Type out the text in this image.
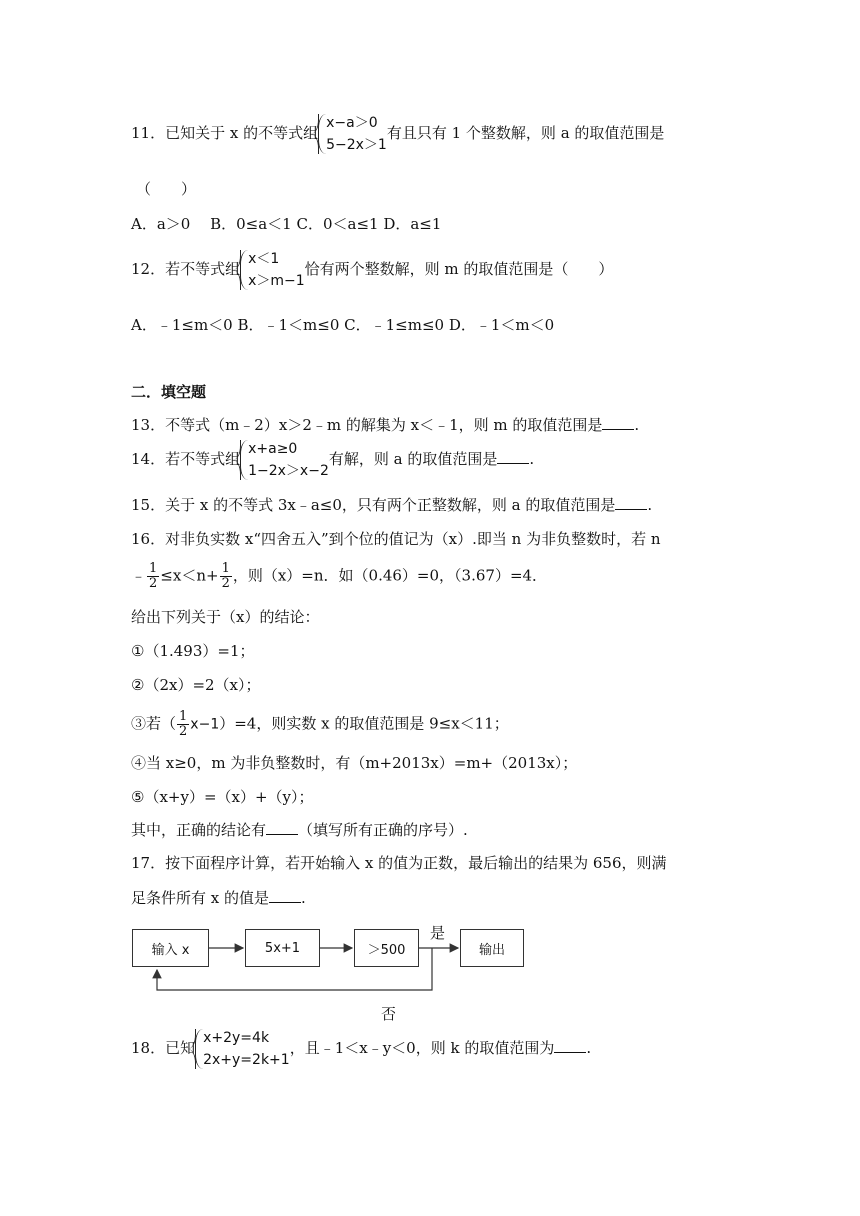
11．已知关于 x 的不等式组
x−a＞0
5−2x＞1
有且只有 1 个整数解，则 a 的取值范围是
（　　）
A．a＞0　 B．0≤a＜1 C．0＜a≤1 D．a≤1
12．若不等式组
x＜1
x＞m−1
恰有两个整数解，则 m 的取值范围是（　　）
A．﹣1≤m＜0 B．﹣1＜m≤0 C．﹣1≤m≤0 D．﹣1＜m＜0
二．填空题
13．不等式（m﹣2）x＞2﹣m 的解集为 x＜﹣1，则 m 的取值范围是 .
14．若不等式组
x+a≥0
1−2x＞x−2
有解，则 a 的取值范围是 .
15．关于 x 的不等式 3x﹣a≤0，只有两个正整数解，则 a 的取值范围是 .
16．对非负实数 x“四舍五入”到个位的值记为（x）.即当 n 为非负整数时，若 n
﹣ $\frac{1}{2} \le x<n+ \frac{1}{2}$ ，则（x）=n．如（0.46）=0，（3.67）=4．
给出下列关于（x）的结论：
①（1.493）=1；
②（2x）=2（x）；
③若（ $\frac{1}{2} x-1)=4$，则实数 x 的取值范围是 9≤x＜11；
④当 x≥0，m 为非负整数时，有（m+2013x）=m+（2013x）；
⑤（x+y）=（x）+（y）；
其中，正确的结论有 （填写所有正确的序号）.
17．按下面程序计算，若开始输入 x 的值为正数，最后输出的结果为 656，则满
足条件所有 x 的值是 .
输入 x	5x+1	＞500	输出
是
否
18．已知
x+2y=4k
2x+y=2k+1
，且﹣1＜x﹣y＜0，则 k 的取值范围为 .
